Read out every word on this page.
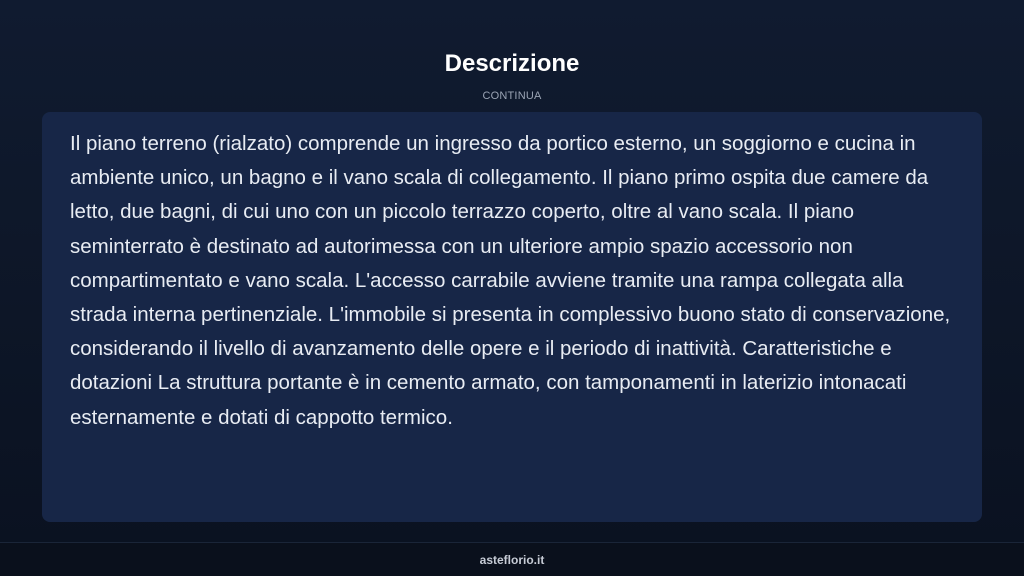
Descrizione
CONTINUA

Il piano terreno (rialzato) comprende un ingresso da portico esterno, un soggiorno e cucina in ambiente unico, un bagno e il vano scala di collegamento. Il piano primo ospita due camere da letto, due bagni, di cui uno con un piccolo terrazzo coperto, oltre al vano scala. Il piano seminterrato è destinato ad autorimessa con un ulteriore ampio spazio accessorio non compartimentato e vano scala. L'accesso carrabile avviene tramite una rampa collegata alla strada interna pertinenziale. L'immobile si presenta in complessivo buono stato di conservazione, considerando il livello di avanzamento delle opere e il periodo di inattività. Caratteristiche e dotazioni La struttura portante è in cemento armato, con tamponamenti in laterizio intonacati esternamente e dotati di cappotto termico.

asteflorio.it
